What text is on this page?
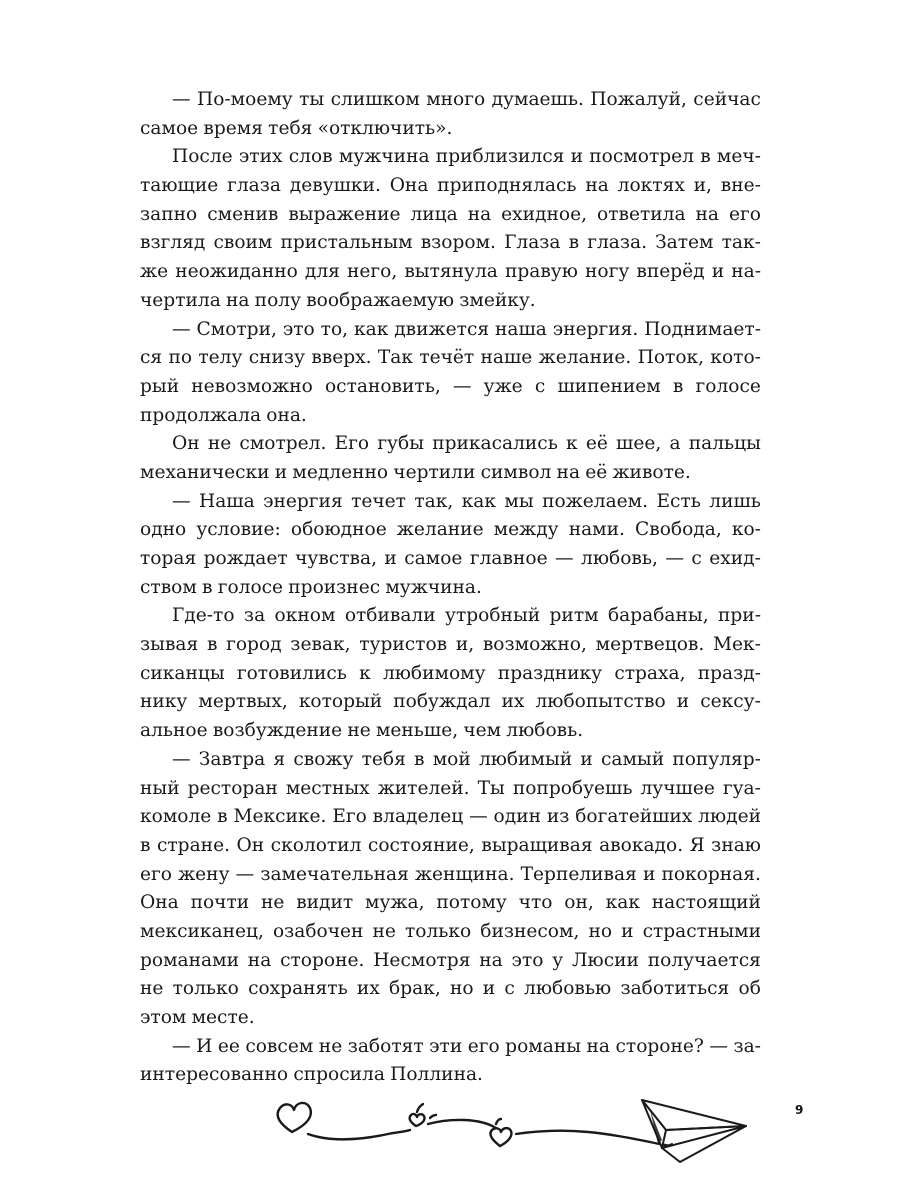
— По-моему ты слишком много думаешь. Пожалуй, сейчас
самое время тебя «отключить».
После этих слов мужчина приблизился и посмотрел в меч-
тающие глаза девушки. Она приподнялась на локтях и, вне-
запно сменив выражение лица на ехидное, ответила на его
взгляд своим пристальным взором. Глаза в глаза. Затем так-
же неожиданно для него, вытянула правую ногу вперёд и на-
чертила на полу воображаемую змейку.
— Смотри, это то, как движется наша энергия. Поднимает-
ся по телу снизу вверх. Так течёт наше желание. Поток, кото-
рый невозможно остановить, — уже с шипением в голосе
продолжала она.
Он не смотрел. Его губы прикасались к её шее, а пальцы
механически и медленно чертили символ на её животе.
— Наша энергия течет так, как мы пожелаем. Есть лишь
одно условие: обоюдное желание между нами. Свобода, ко-
торая рождает чувства, и самое главное — любовь, — с ехид-
ством в голосе произнес мужчина.
Где-то за окном отбивали утробный ритм барабаны, при-
зывая в город зевак, туристов и, возможно, мертвецов. Мек-
сиканцы готовились к любимому празднику страха, празд-
нику мертвых, который побуждал их любопытство и сексу-
альное возбуждение не меньше, чем любовь.
— Завтра я свожу тебя в мой любимый и самый популяр-
ный ресторан местных жителей. Ты попробуешь лучшее гуа-
комоле в Мексике. Его владелец — один из богатейших людей
в стране. Он сколотил состояние, выращивая авокадо. Я знаю
его жену — замечательная женщина. Терпеливая и покорная.
Она почти не видит мужа, потому что он, как настоящий
мексиканец, озабочен не только бизнесом, но и страстными
романами на стороне. Несмотря на это у Люсии получается
не только сохранять их брак, но и с любовью заботиться об
этом месте.
— И ее совсем не заботят эти его романы на стороне? — за-
интересованно спросила Поллина.
9
